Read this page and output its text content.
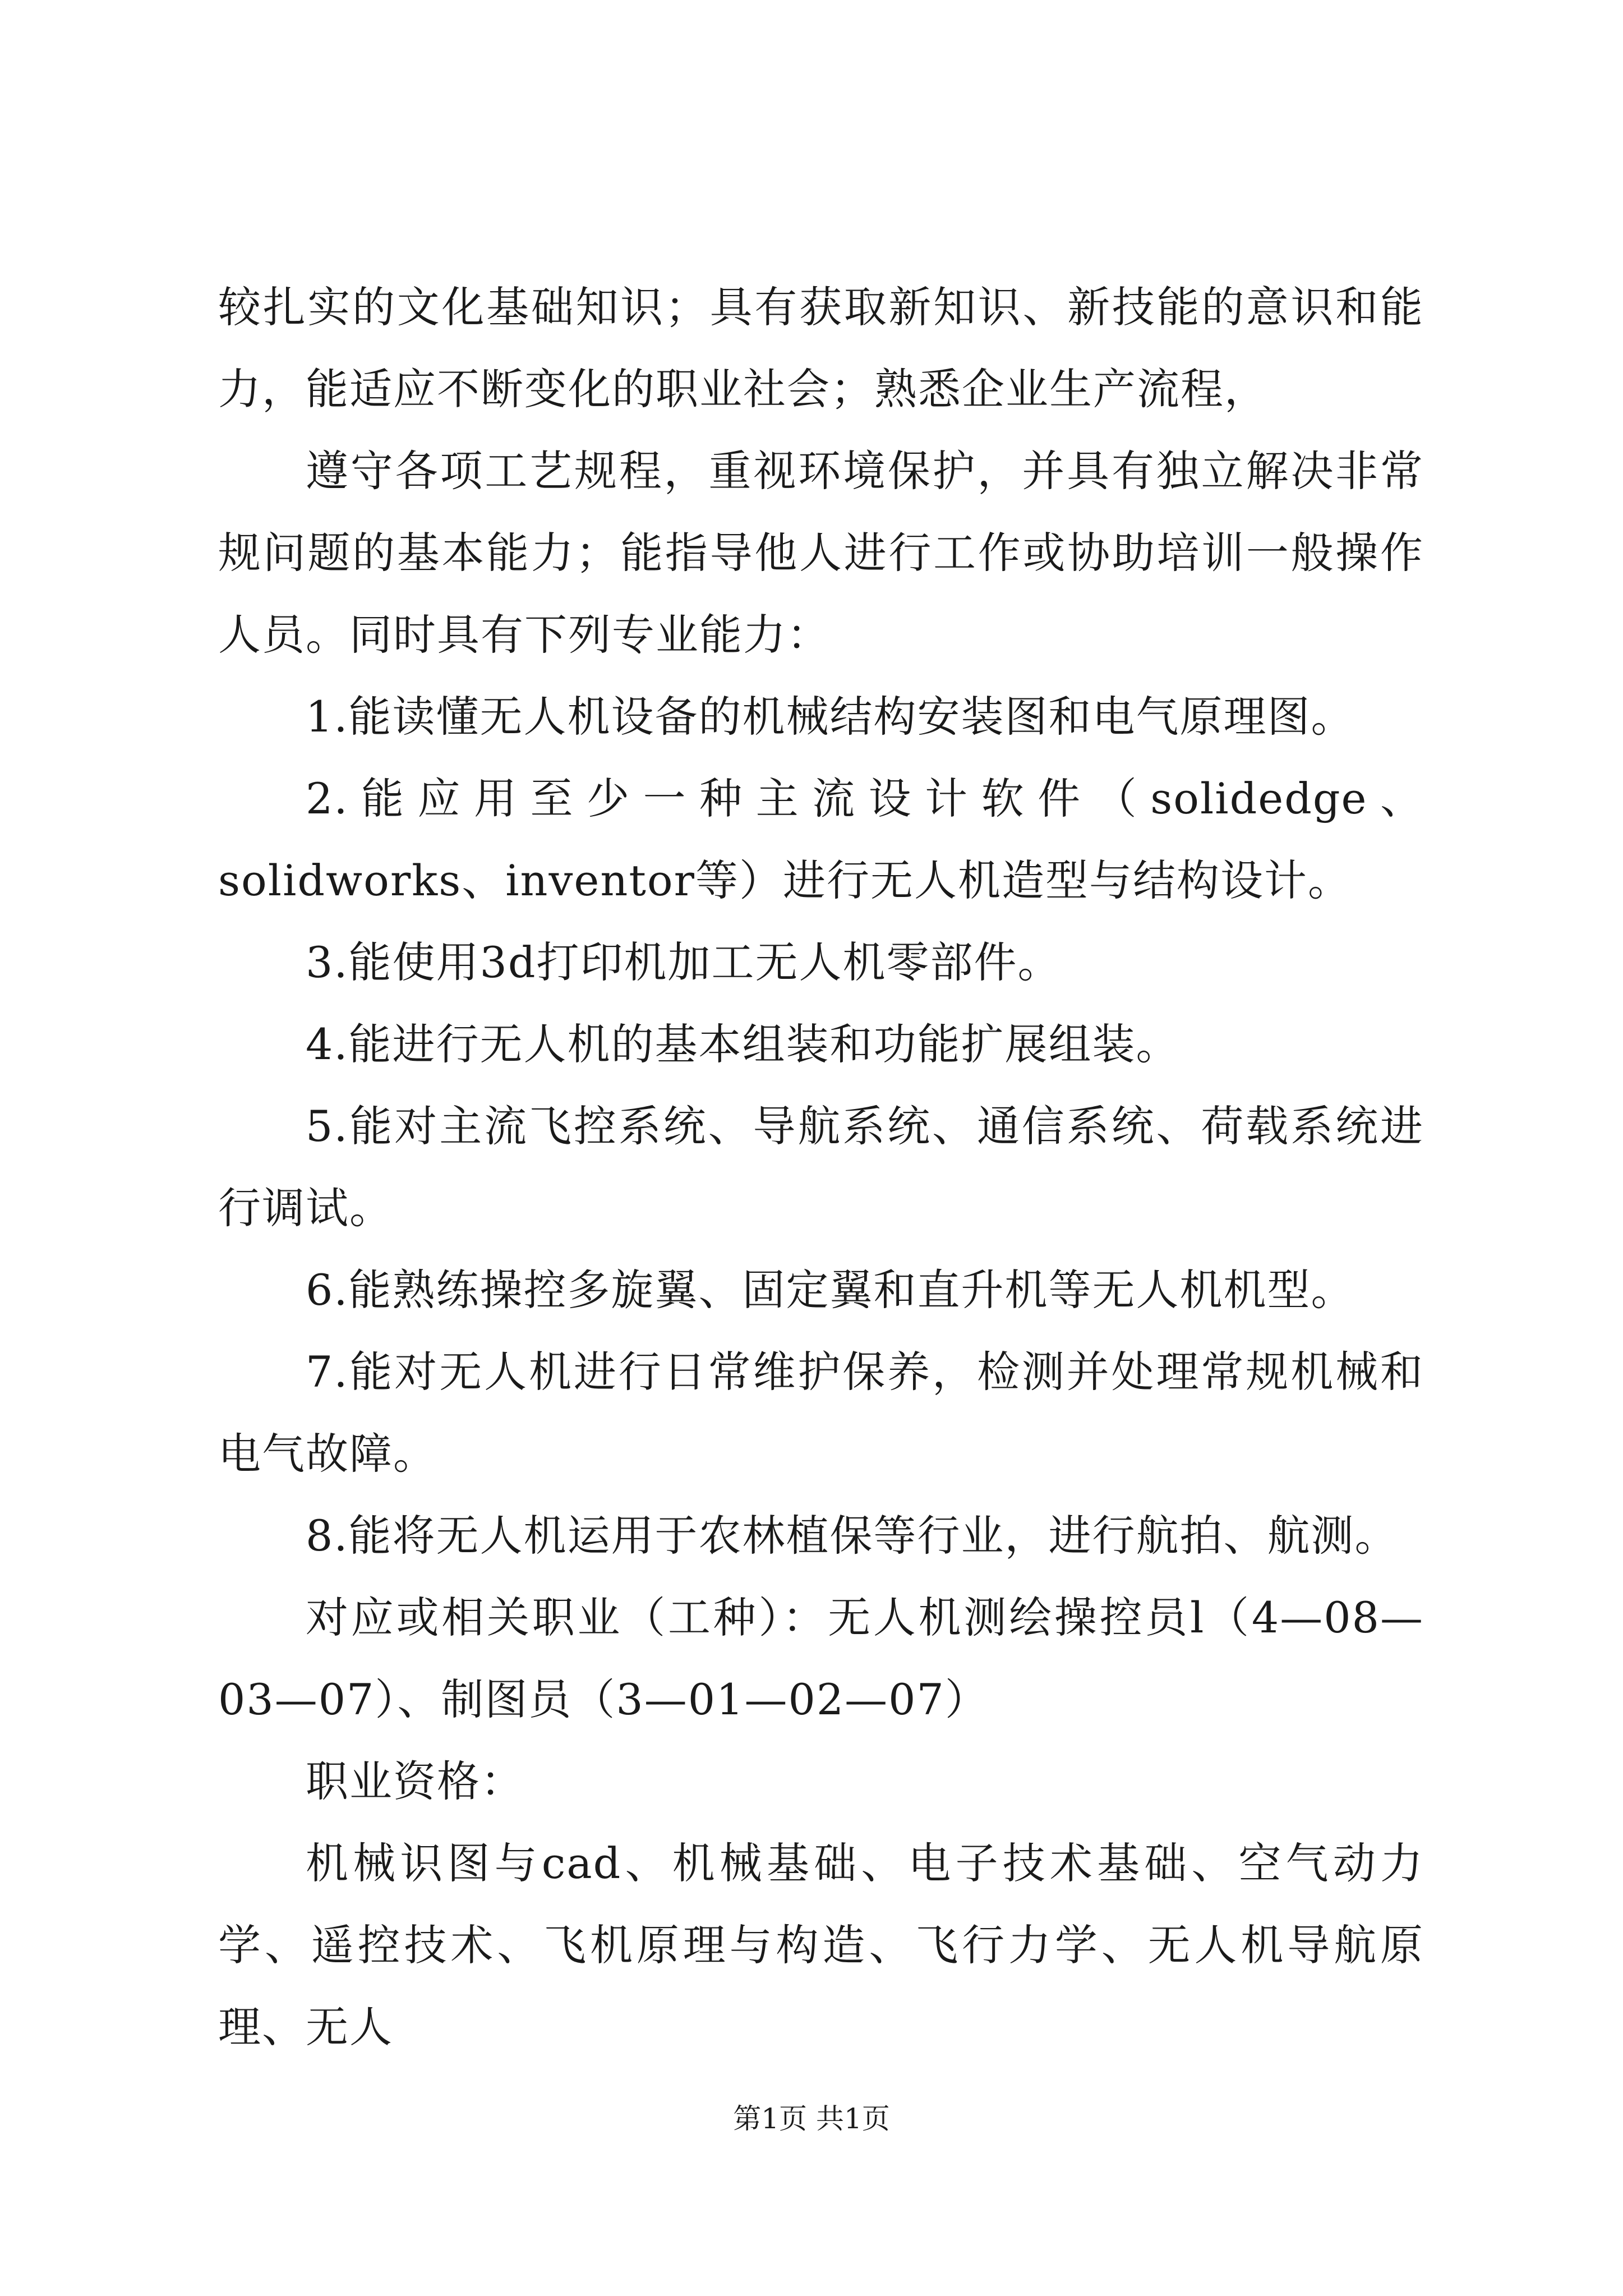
较扎实的文化基础知识；具有获取新知识、新技能的意识和能力，能适应不断变化的职业社会；熟悉企业生产流程，

遵守各项工艺规程，重视环境保护，并具有独立解决非常规问题的基本能力；能指导他人进行工作或协助培训一般操作人员。同时具有下列专业能力：

1.能读懂无人机设备的机械结构安装图和电气原理图。

2.能应用至少一种主流设计软件（solidedge、solidworks、inventor等）进行无人机造型与结构设计。

3.能使用3d打印机加工无人机零部件。

4.能进行无人机的基本组装和功能扩展组装。

5.能对主流飞控系统、导航系统、通信系统、荷载系统进行调试。

6.能熟练操控多旋翼、固定翼和直升机等无人机机型。

7.能对无人机进行日常维护保养，检测并处理常规机械和电气故障。

8.能将无人机运用于农林植保等行业，进行航拍、航测。

对应或相关职业（工种）：无人机测绘操控员l（4—08—03—07）、制图员（3—01—02—07）

职业资格：

机械识图与cad、机械基础、电子技术基础、空气动力学、遥控技术、飞机原理与构造、飞行力学、无人机导航原理、无人

第1页 共1页
